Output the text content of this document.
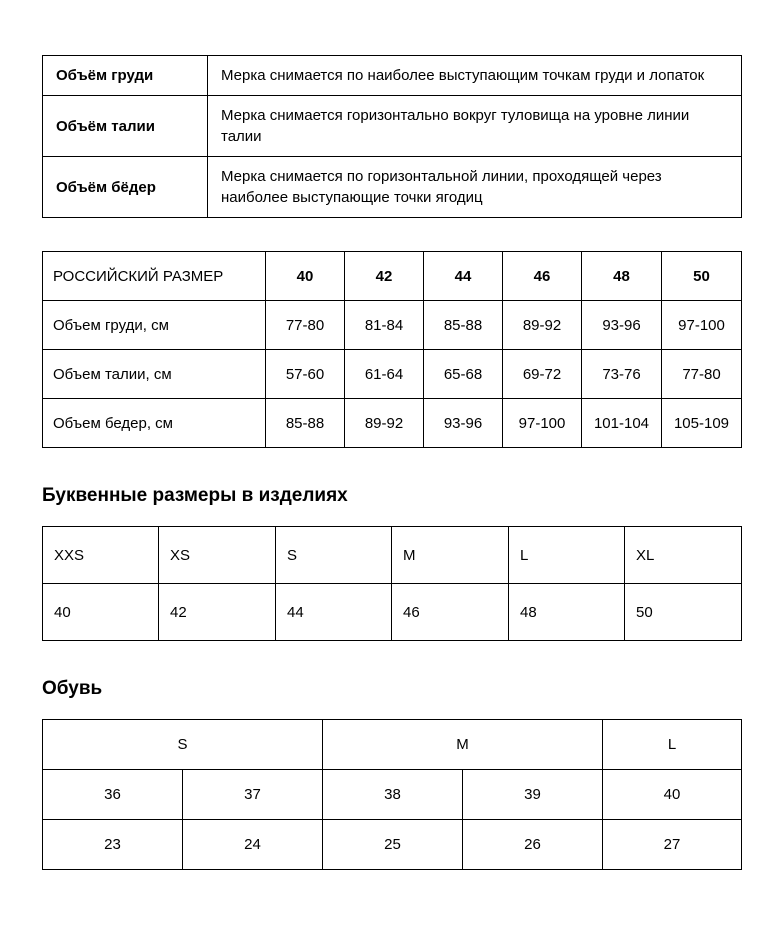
Объём груди	Мерка снимается по наиболее выступающим точкам груди и лопаток
Объём талии	Мерка снимается горизонтально вокруг туловища на уровне линии талии
Объём бёдер	Мерка снимается по горизонтальной линии, проходящей через наиболее выступающие точки ягодиц
РОССИЙСКИЙ РАЗМЕР	40	42	44	46	48	50
Объем груди, см	77-80	81-84	85-88	89-92	93-96	97-100
Объем талии, см	57-60	61-64	65-68	69-72	73-76	77-80
Объем бедер, см	85-88	89-92	93-96	97-100	101-104	105-109
Буквенные размеры в изделиях
XXS	XS	S	M	L	XL
40	42	44	46	48	50
Обувь
S		M		L
36	37	38	39	40
23	24	25	26	27
